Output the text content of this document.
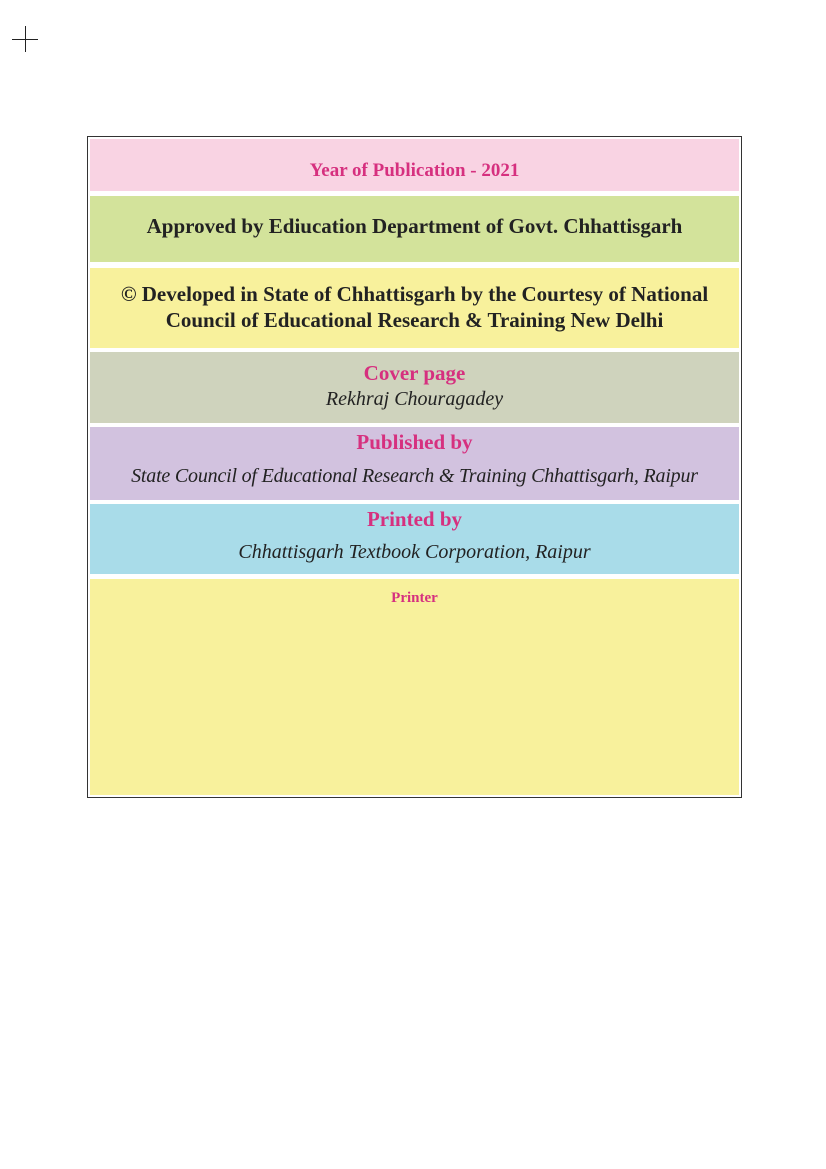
Year of Publication - 2021
Approved by Ediucation Department of Govt. Chhattisgarh
© Developed in State of Chhattisgarh by the Courtesy of National
Council of Educational Research & Training New Delhi
Cover page
Rekhraj Chouragadey
Published by
State Council of Educational Research & Training Chhattisgarh, Raipur
Printed by
Chhattisgarh Textbook Corporation, Raipur
Printer
